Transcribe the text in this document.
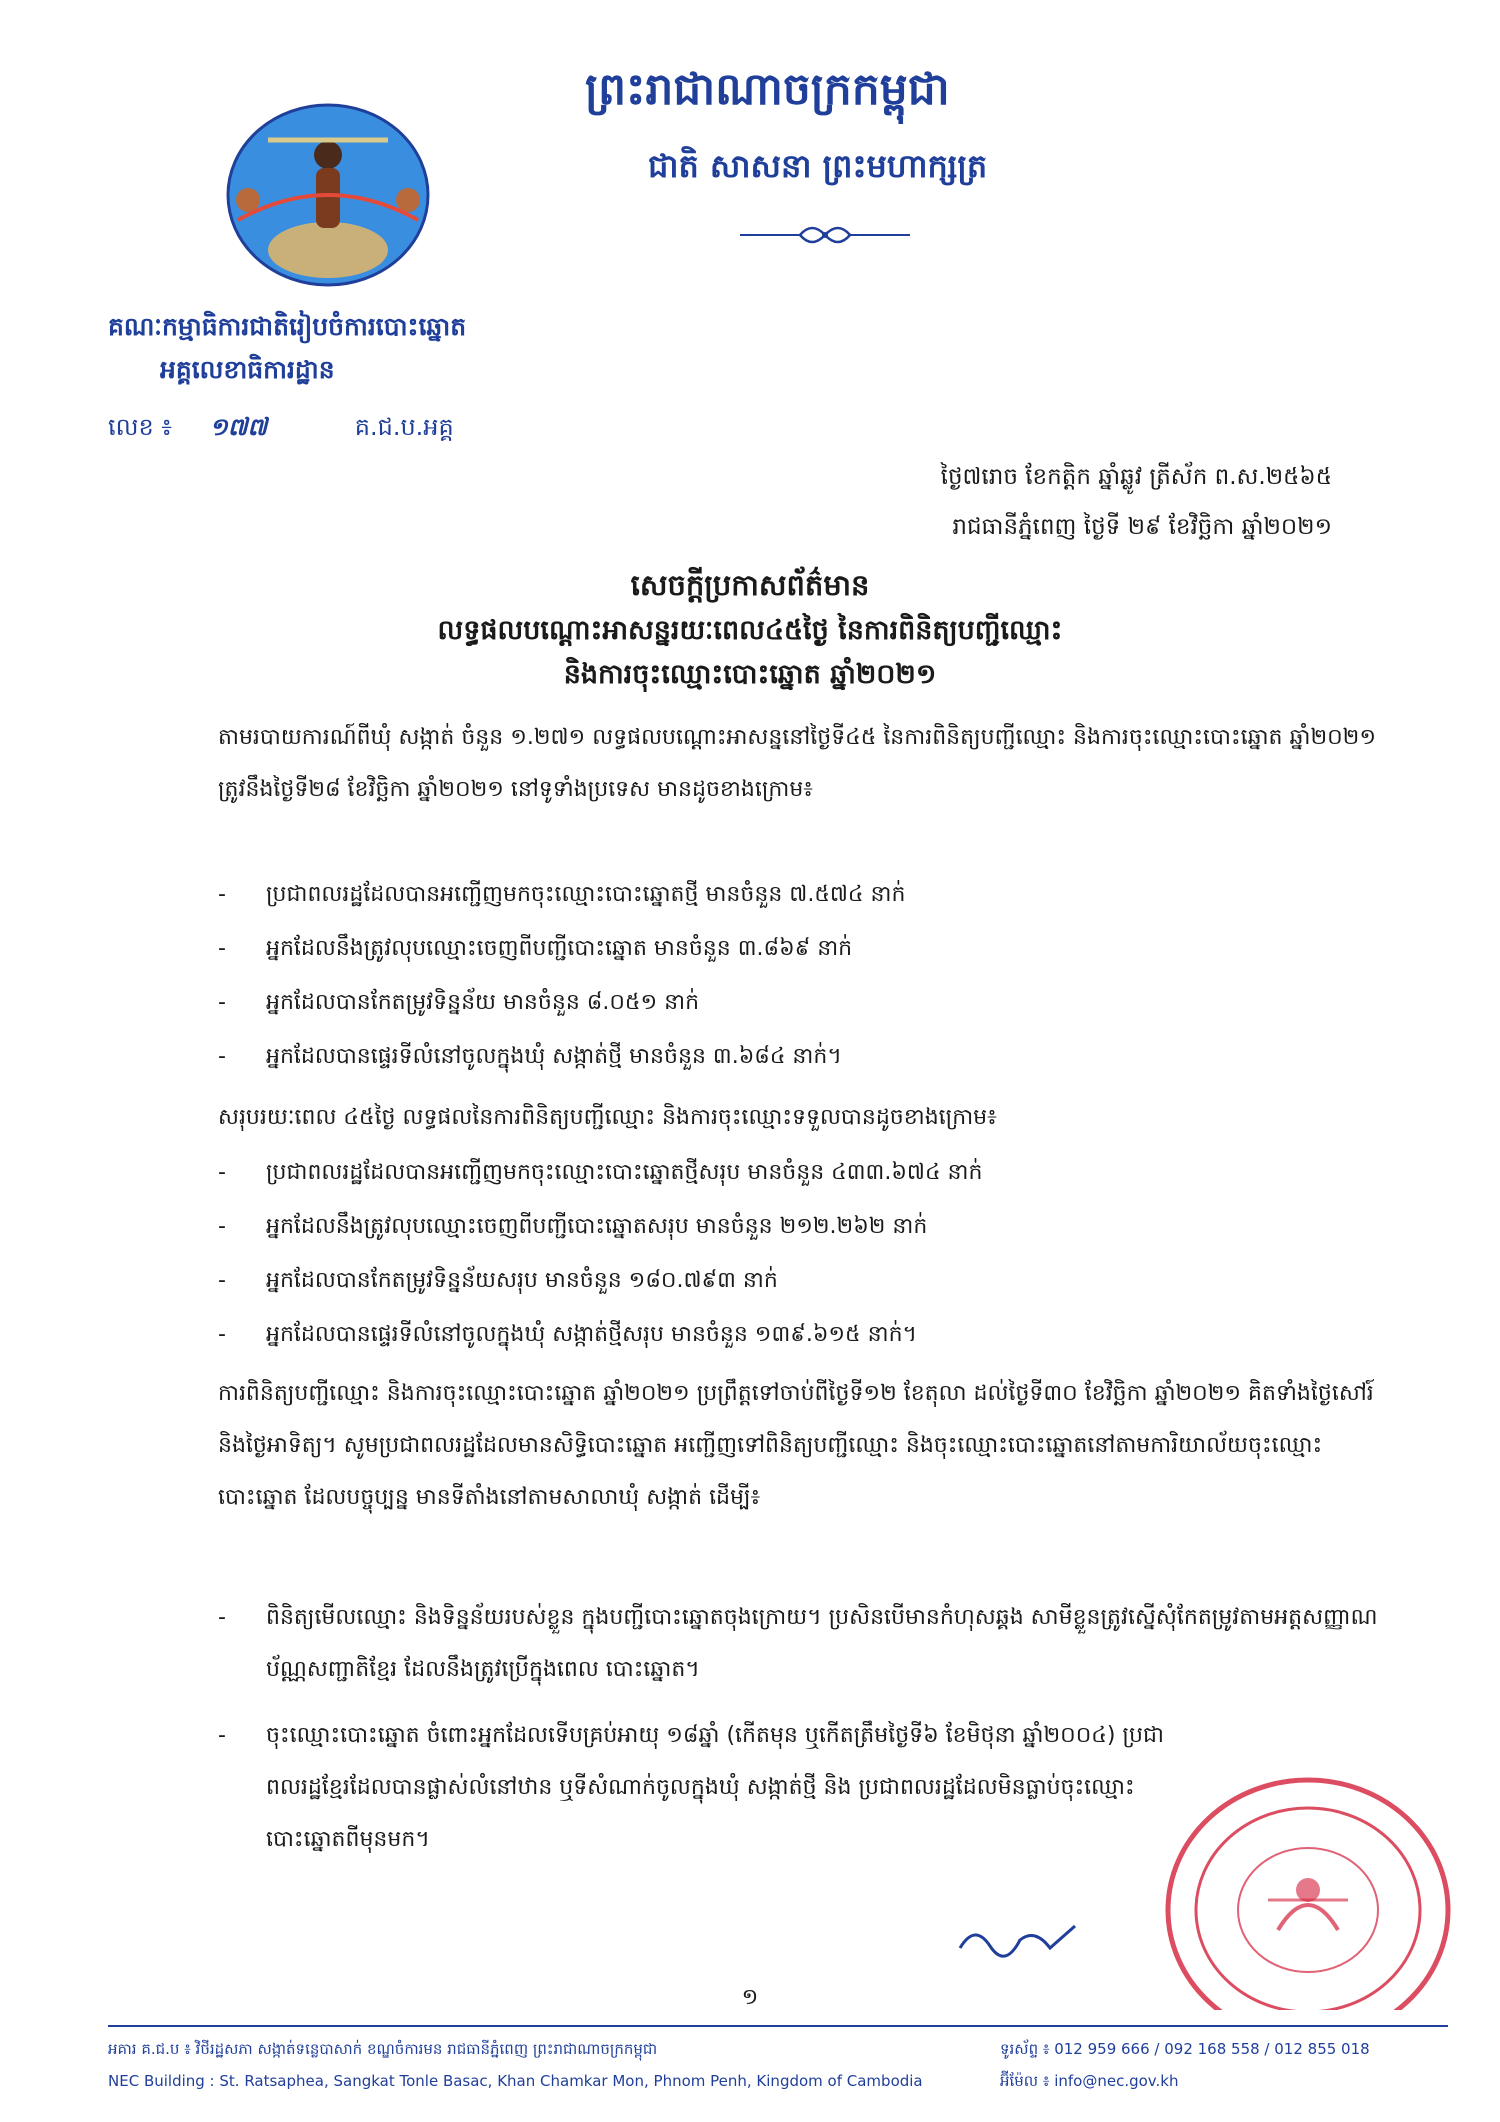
ព្រះរាជាណាចក្រកម្ពុជា
ជាតិ សាសនា ព្រះមហាក្សត្រ
គណៈកម្មាធិការជាតិរៀបចំការបោះឆ្នោត
អគ្គលេខាធិការដ្ឋាន
លេខ ៖ ១៧៧	គ.ជ.ប.អគ្គ
ថ្ងៃ៧រោច ខែកត្តិក ឆ្នាំឆ្លូវ ត្រីស័ក ព.ស.២៥៦៥
រាជធានីភ្នំពេញ ថ្ងៃទី ២៩ ខែវិច្ឆិកា ឆ្នាំ២០២១
សេចក្តីប្រកាសព័ត៌មាន
លទ្ធផលបណ្តោះអាសន្នរយៈពេល៤៥ថ្ងៃ នៃការពិនិត្យបញ្ជីឈ្មោះ
និងការចុះឈ្មោះបោះឆ្នោត ឆ្នាំ២០២១
តាមរបាយការណ៍ពីឃុំ សង្កាត់ ចំនួន ១.២៧១ លទ្ធផលបណ្តោះអាសន្ននៅថ្ងៃទី៤៥ នៃការពិនិត្យបញ្ជីឈ្មោះ និងការចុះឈ្មោះបោះឆ្នោត ឆ្នាំ២០២១ ត្រូវនឹងថ្ងៃទី២៨ ខែវិច្ឆិកា ឆ្នាំ២០២១ នៅទូទាំងប្រទេស មានដូចខាងក្រោម៖
- ប្រជាពលរដ្ឋដែលបានអញ្ជើញមកចុះឈ្មោះបោះឆ្នោតថ្មី មានចំនួន ៧.៥៧៤ នាក់
- អ្នកដែលនឹងត្រូវលុបឈ្មោះចេញពីបញ្ជីបោះឆ្នោត មានចំនួន ៣.៨៦៩ នាក់
- អ្នកដែលបានកែតម្រូវទិន្នន័យ មានចំនួន ៨.០៥១ នាក់
- អ្នកដែលបានផ្ទេរទីលំនៅចូលក្នុងឃុំ សង្កាត់ថ្មី មានចំនួន ៣.៦៨៤ នាក់។
សរុបរយៈពេល ៤៥ថ្ងៃ លទ្ធផលនៃការពិនិត្យបញ្ជីឈ្មោះ និងការចុះឈ្មោះទទួលបានដូចខាងក្រោម៖
- ប្រជាពលរដ្ឋដែលបានអញ្ជើញមកចុះឈ្មោះបោះឆ្នោតថ្មីសរុប មានចំនួន ៤៣៣.៦៧៤ នាក់
- អ្នកដែលនឹងត្រូវលុបឈ្មោះចេញពីបញ្ជីបោះឆ្នោតសរុប មានចំនួន ២១២.២៦២ នាក់
- អ្នកដែលបានកែតម្រូវទិន្នន័យសរុប មានចំនួន ១៨០.៧៩៣ នាក់
- អ្នកដែលបានផ្ទេរទីលំនៅចូលក្នុងឃុំ សង្កាត់ថ្មីសរុប មានចំនួន ១៣៩.៦១៥ នាក់។
ការពិនិត្យបញ្ជីឈ្មោះ និងការចុះឈ្មោះបោះឆ្នោត ឆ្នាំ២០២១ ប្រព្រឹត្តទៅចាប់ពីថ្ងៃទី១២ ខែតុលា ដល់ថ្ងៃទី៣០ ខែវិច្ឆិកា ឆ្នាំ២០២១ គិតទាំងថ្ងៃសៅរ៍ និងថ្ងៃអាទិត្យ។ សូមប្រជាពលរដ្ឋដែលមានសិទ្ធិបោះឆ្នោត អញ្ជើញទៅពិនិត្យបញ្ជីឈ្មោះ និងចុះឈ្មោះបោះឆ្នោតនៅតាមការិយាល័យចុះឈ្មោះបោះឆ្នោត ដែលបច្ចុប្បន្ន មានទីតាំងនៅតាមសាលាឃុំ សង្កាត់ ដើម្បី៖
- ពិនិត្យមើលឈ្មោះ និងទិន្នន័យរបស់ខ្លួន ក្នុងបញ្ជីបោះឆ្នោតចុងក្រោយ។ ប្រសិនបើមានកំហុសឆ្គង សាមីខ្លួនត្រូវស្នើសុំកែតម្រូវតាមអត្តសញ្ញាណប័ណ្ណសញ្ជាតិខ្មែរ ដែលនឹងត្រូវប្រើក្នុងពេល បោះឆ្នោត។
- ចុះឈ្មោះបោះឆ្នោត ចំពោះអ្នកដែលទើបគ្រប់អាយុ ១៨ឆ្នាំ (កើតមុន ឬកើតត្រឹមថ្ងៃទី៦ ខែមិថុនា ឆ្នាំ២០០៤) ប្រជាពលរដ្ឋខ្មែរដែលបានផ្លាស់លំនៅឋាន ឬទីសំណាក់ចូលក្នុងឃុំ សង្កាត់ថ្មី និង ប្រជាពលរដ្ឋដែលមិនធ្លាប់ចុះឈ្មោះបោះឆ្នោតពីមុនមក។
១
អគារ គ.ជ.ប ៖ វិថីរដ្ឋសភា សង្កាត់ទន្លេបាសាក់ ខណ្ឌចំការមន រាជធានីភ្នំពេញ ព្រះរាជាណាចក្រកម្ពុជា
NEC Building : St. Ratsaphea, Sangkat Tonle Basac, Khan Chamkar Mon, Phnom Penh, Kingdom of Cambodia
ទូរស័ព្ទ ៖ 012 959 666 / 092 168 558 / 012 855 018
អ៊ីម៉ែល ៖ info@nec.gov.kh
